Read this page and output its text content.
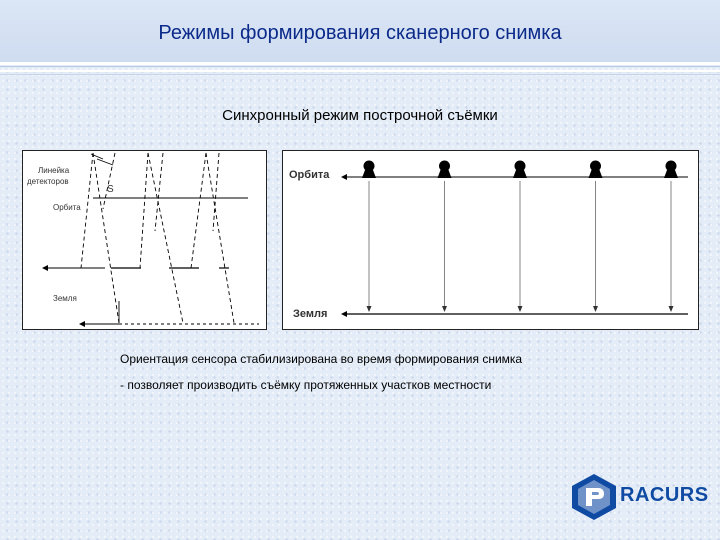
Режимы формирования сканерного снимка
Синхронный режим построчной съёмки
Линейка
детекторов
Орбита
Земля
S
Орбита
Земля
Ориентация сенсора стабилизирована во время формирования снимка
- позволяет производить съёмку протяженных участков местности
RACURS
